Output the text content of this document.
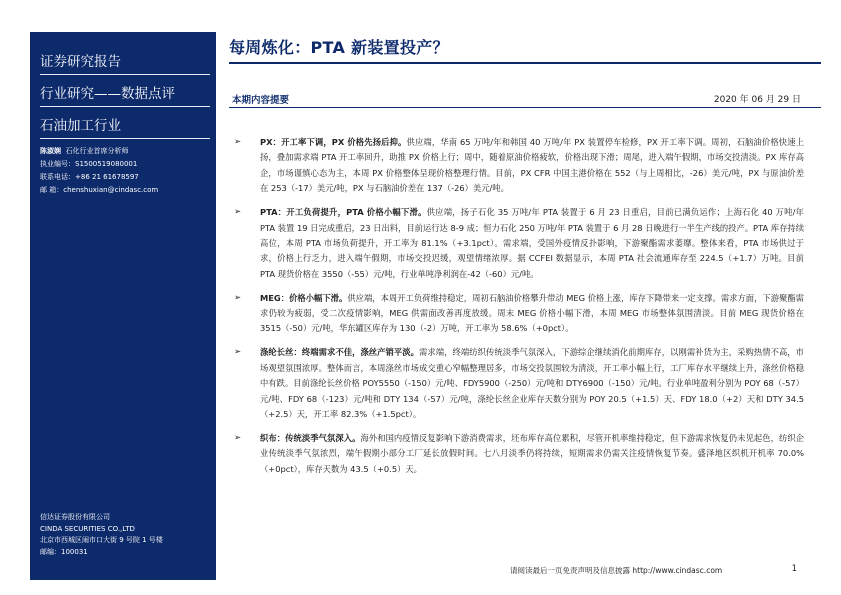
证券研究报告
行业研究——数据点评
石油加工行业
陈淑娴 石化行业首席分析师
执业编号：S1500519080001
联系电话：+86 21 61678597
邮 箱：chenshuxian@cindasc.com
信达证券股份有限公司
CINDA SECURITIES CO.,LTD
北京市西城区闹市口大街 9 号院 1 号楼
邮编：100031
每周炼化：PTA 新装置投产？
本期内容提要	2020 年 06 月 29 日
➢ PX：开工率下调，PX 价格先扬后抑。供应端，华南 65 万吨/年和韩国 40 万吨/年 PX 装置停车检修，PX 开工率下调。周初，石脑油价格快速上扬，叠加需求端 PTA 开工率回升，助推 PX 价格上行；周中，随着原油价格疲软，价格出现下滑；周尾，进入端午假期，市场交投清淡。PX 库存高企，市场谨慎心态为主，本周 PX 价格整体呈现价格整理行情。目前，PX CFR 中国主港价格在 552（与上周相比，-26）美元/吨，PX 与原油价差在 253（-17）美元/吨，PX 与石脑油价差在 137（-26）美元/吨。
➢ PTA：开工负荷提升，PTA 价格小幅下滑。供应端，扬子石化 35 万吨/年 PTA 装置于 6 月 23 日重启，目前已满负运作；上海石化 40 万吨/年 PTA 装置 19 日完成重启，23 日出料，目前运行达 8-9 成；恒力石化 250 万吨/年 PTA 装置于 6 月 28 日晚进行一半生产线的投产。PTA 库存持续高位，本周 PTA 市场负荷提升，开工率为 81.1%（+3.1pct）。需求端，受国外疫情反扑影响，下游聚酯需求萎靡。整体来看，PTA 市场供过于求，价格上行乏力，进入端午假期，市场交投迟缓，观望情绪浓厚。据 CCFEI 数据显示，本周 PTA 社会流通库存至 224.5（+1.7）万吨。目前 PTA 现货价格在 3550（-55）元/吨，行业单吨净利润在-42（-60）元/吨。
➢ MEG：价格小幅下滑。供应端，本周开工负荷维持稳定，周初石脑油价格攀升带动 MEG 价格上涨，库存下降带来一定支撑。需求方面，下游聚酯需求仍较为疲弱，受二次疫情影响，MEG 供需面改善再度放缓。周末 MEG 价格小幅下滑，本周 MEG 市场整体氛围清淡。目前 MEG 现货价格在 3515（-50）元/吨，华东罐区库存为 130（-2）万吨，开工率为 58.6%（+0pct）。
➢ 涤纶长丝：终端需求不佳，涤丝产销平淡。需求端，终端纺织传统淡季气氛深入，下游综企继续消化前期库存，以刚需补货为主，采购热情不高，市场观望氛围浓厚。整体而言，本周涤丝市场成交重心窄幅整理居多，市场交投氛围较为清淡，开工率小幅上行，工厂库存水平继续上升，涤丝价格稳中有跌。目前涤纶长丝价格 POY5550（-150）元/吨、FDY5900（-250）元/吨和 DTY6900（-150）元/吨。行业单吨盈利分别为 POY 68（-57）元/吨、FDY 68（-123）元/吨和 DTY 134（-57）元/吨，涤纶长丝企业库存天数分别为 POY 20.5（+1.5）天、FDY 18.0（+2）天和 DTY 34.5（+2.5）天，开工率 82.3%（+1.5pct）。
➢ 织布：传统淡季气氛深入。海外和国内疫情反复影响下游消费需求，坯布库存高位累积，尽管开机率维持稳定，但下游需求恢复仍未见起色，纺织企业传统淡季气氛浓烈，端午假期小部分工厂延长放假时间。七八月淡季仍将持续，短期需求仍需关注疫情恢复节奏。盛泽地区织机开机率 70.0%（+0pct），库存天数为 43.5（+0.5）天。
请阅读最后一页免责声明及信息披露 http://www.cindasc.com	1
